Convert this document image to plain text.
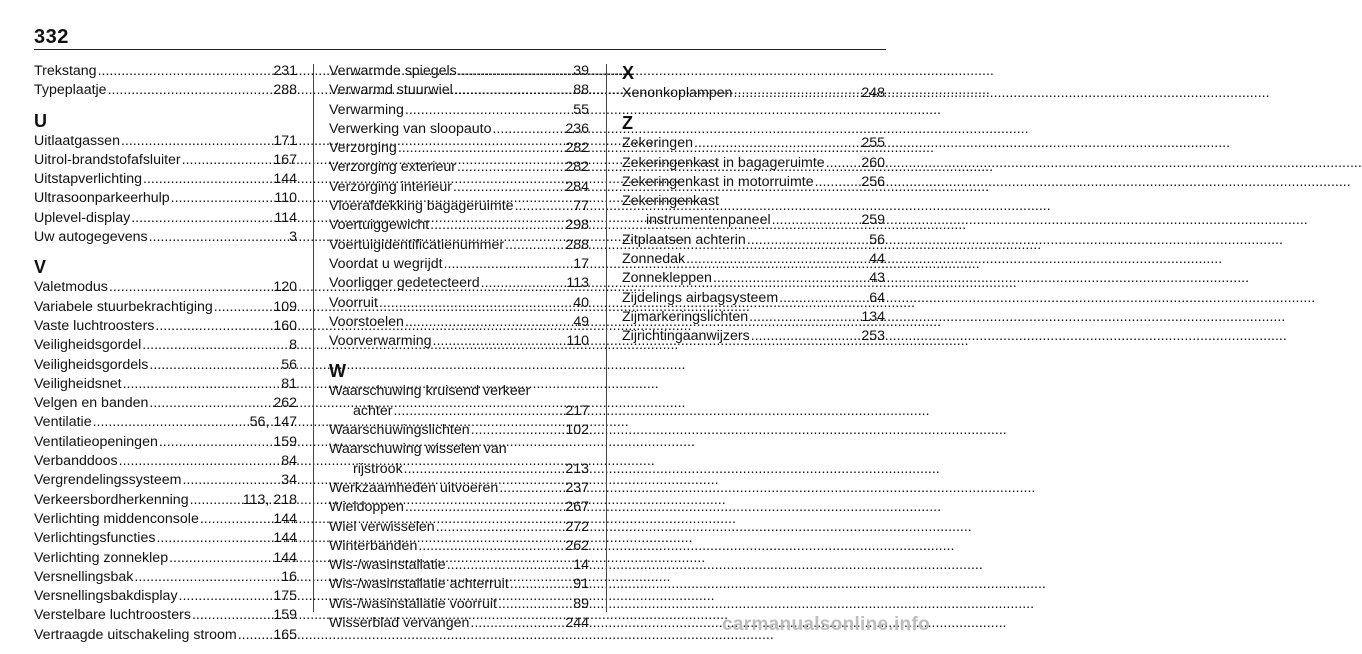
332
Trekstang .....	231
Typeplaatje .....	288
U
Uitlaatgassen .....	171
Uitrol-brandstofafsluiter .....	167
Uitstapverlichting .....	144
Ultrasoonparkeerhulp .....	110
Uplevel-display .....	114
Uw autogegevens .....	3
V
Valetmodus .....	120
Variabele stuurbekrachtiging .....	109
Vaste luchtroosters .....	160
Veiligheidsgordel .....	8
Veiligheidsgordels .....	56
Veiligheidsnet .....	81
Velgen en banden .....	262
Ventilatie .....	56, 147
Ventilatieopeningen .....	159
Verbanddoos .....	84
Vergrendelingssysteem .....	34
Verkeersbordherkenning .....	113, 218
Verlichting middenconsole .....	144
Verlichtingsfuncties .....	144
Verlichting zonneklep .....	144
Versnellingsbak .....	16
Versnellingsbakdisplay .....	175
Verstelbare luchtroosters .....	159
Vertraagde uitschakeling stroom .....	165
Verwarmde spiegels .....	39
Verwarmd stuurwiel .....	88
Verwarming .....	55
Verwerking van sloopauto .....	236
Verzorging .....	282
Verzorging exterieur .....	282
Verzorging interieur .....	284
Vloerafdekking bagageruimte .....	77
Voertuiggewicht .....	298
Voertuigidentificatienummer .....	288
Voordat u wegrijdt .....	17
Voorligger gedetecteerd .....	113
Voorruit .....	40
Voorstoelen .....	49
Voorverwarming .....	110
W
Waarschuwing kruisend verkeer
achter .....	217
Waarschuwingslichten .....	102
Waarschuwing wisselen van
rijstrook .....	213
Werkzaamheden uitvoeren .....	237
Wieldoppen .....	267
Wiel verwisselen .....	272
Winterbanden .....	262
Wis-/wasinstallatie .....	14
Wis-/wasinstallatie achterruit .....	91
Wis-/wasinstallatie voorruit .....	89
Wisserblad vervangen .....	244
X
Xenonkoplampen .....	248
Z
Zekeringen .....	255
Zekeringenkast in bagageruimte .....	260
Zekeringenkast in motorruimte .....	256
Zekeringenkast
instrumentenpaneel .....	259
Zitplaatsen achterin .....	56
Zonnedak .....	44
Zonnekleppen .....	43
Zijdelings airbagsysteem .....	64
Zijmarkeringslichten .....	134
Zijrichtingaanwijzers .....	253
carmanualsonline.info
